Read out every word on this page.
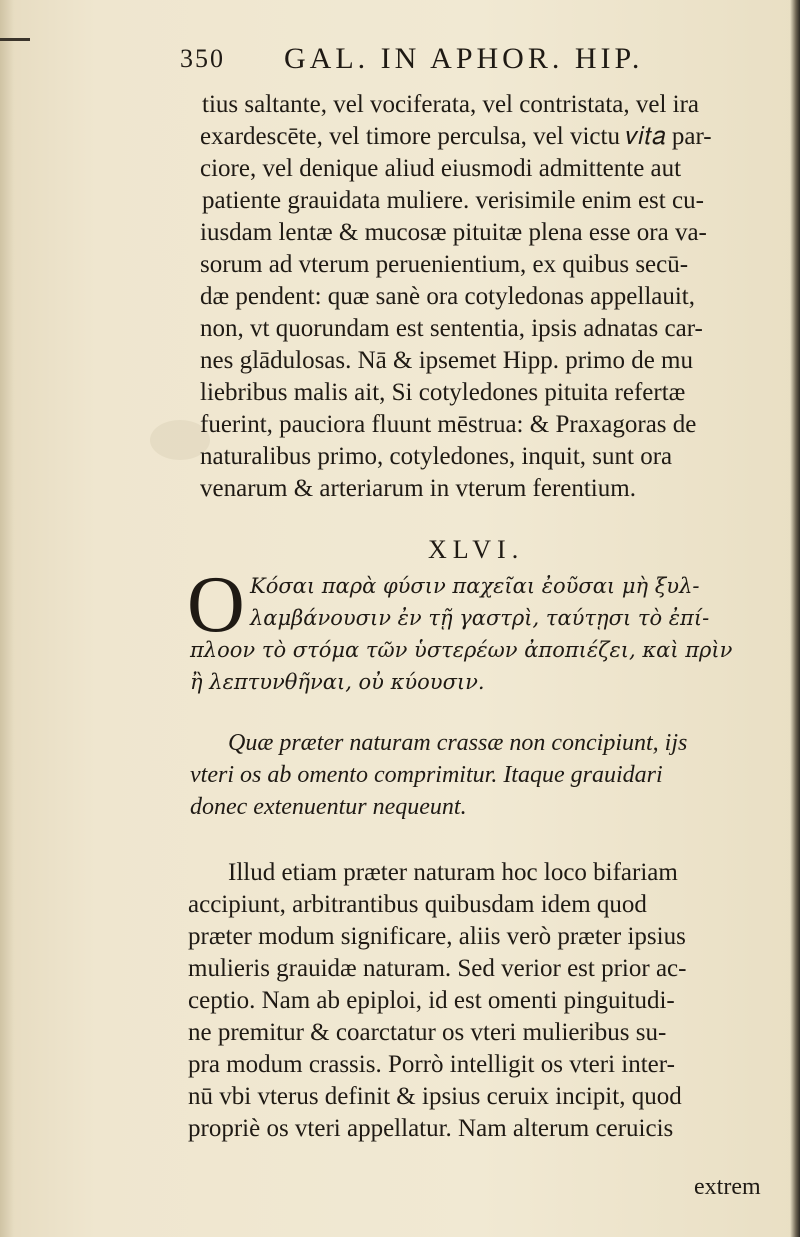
350 GAL. IN APHOR. HIP.
tius saltante, vel vociferata, vel contristata, vel ira
exardescēte, vel timore perculsa, vel victu 𝑣𝑖𝑡𝑎 par-
ciore, vel denique aliud eiusmodi admittente aut
patiente grauidata muliere. verisimile enim est cu-
iusdam lentæ & mucosæ pituitæ plena esse ora va-
sorum ad vterum peruenientium, ex quibus secū-
dæ pendent: quæ sanè ora cotyledonas appellauit,
non, vt quorundam est sententia, ipsis adnatas car-
nes glādulosas. Nā & ipsemet Hipp. primo de mu
liebribus malis ait, Si cotyledones pituita refertæ
fuerint, pauciora fluunt mēstrua: & Praxagoras de
naturalibus primo, cotyledones, inquit, sunt ora
venarum & arteriarum in vterum ferentium.
XLVI.
O Κόσαι παρὰ φύσιν παχεῖαι ἐοῦσαι μὴ ξυλ-
λαμβάνουσιν ἐν τῇ γαστρὶ, ταύτῃσι τὸ ἐπί-
πλοον τὸ στόμα τῶν ὑστερέων ἀποπιέζει, καὶ πρὶν
ἢ λεπτυνθῆναι, οὐ κύουσιν.
Quæ præter naturam crassæ non concipiunt, ijs
vteri os ab omento comprimitur. Itaque grauidari
donec extenuentur nequeunt.
Illud etiam præter naturam hoc loco bifariam
accipiunt, arbitrantibus quibusdam idem quod
præter modum significare, aliis verò præter ipsius
mulieris grauidæ naturam. Sed verior est prior ac-
ceptio. Nam ab epiploi, id est omenti pinguitudi-
ne premitur & coarctatur os vteri mulieribus su-
pra modum crassis. Porrò intelligit os vteri inter-
nū vbi vterus definit & ipsius ceruix incipit, quod
propriè os vteri appellatur. Nam alterum ceruicis
extrem
